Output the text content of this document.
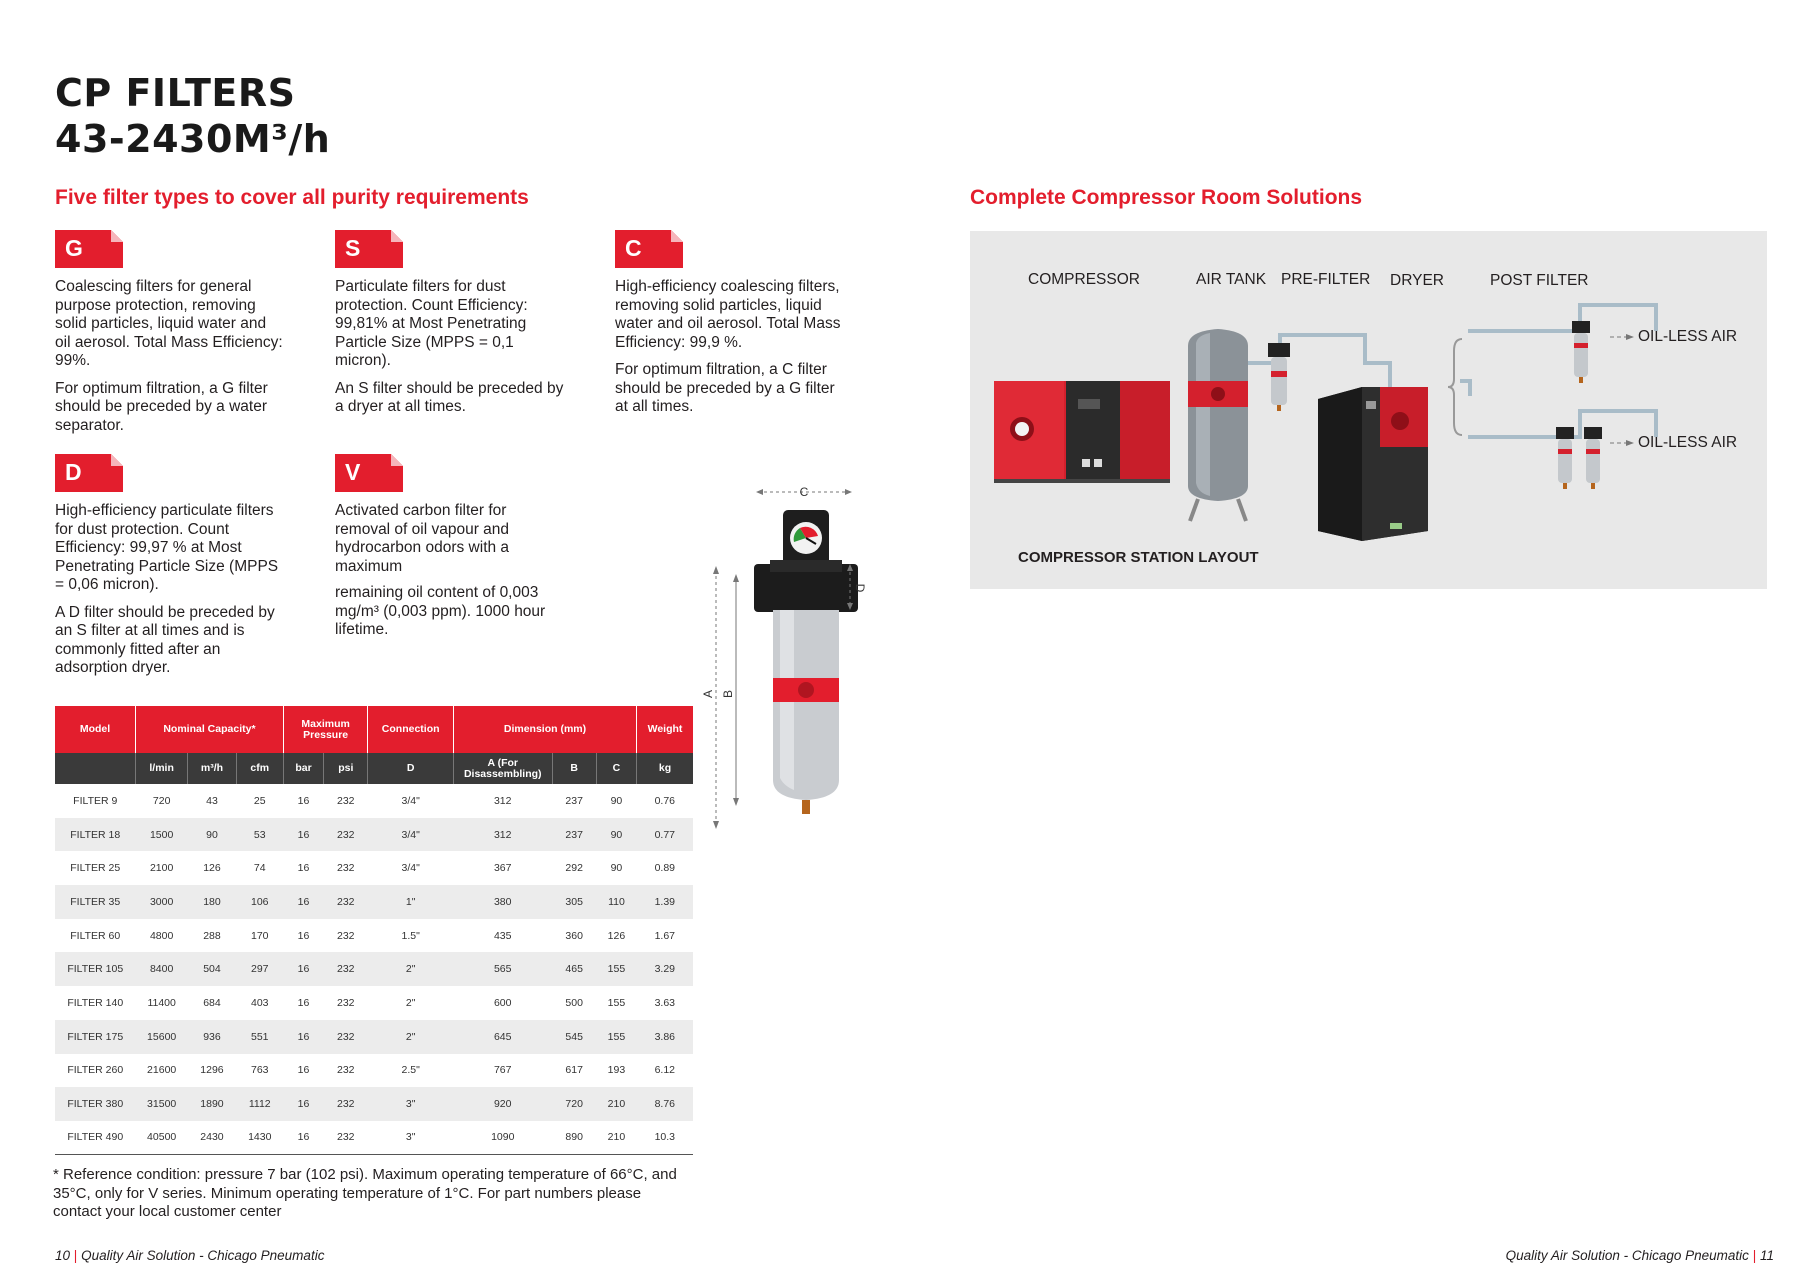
CP FILTERS
43-2430M³/h
Five filter types to cover all purity requirements	Complete Compressor Room Solutions
G

Coalescing filters for general purpose protection, removing solid particles, liquid water and oil aerosol. Total Mass Efficiency: 99%.

For optimum filtration, a G filter should be preceded by a water separator.

S

Particulate filters for dust protection. Count Efficiency: 99,81% at Most Penetrating Particle Size (MPPS = 0,1 micron).

An S filter should be preceded by a dryer at all times.

C

High-efficiency coalescing filters, removing solid particles, liquid water and oil aerosol. Total Mass Efficiency: 99,9 %.

For optimum filtration, a C filter should be preceded by a G filter at all times.

D

High-efficiency particulate filters for dust protection. Count Efficiency: 99,97 % at Most Penetrating Particle Size (MPPS = 0,06 micron).

A D filter should be preceded by an S filter at all times and is commonly fitted after an adsorption dryer.

V

Activated carbon filter for removal of oil vapour and hydrocarbon odors with a maximum

remaining oil content of 0,003 mg/m³ (0,003 ppm). 1000 hour lifetime.

C
A B
D
Model	Nominal Capacity*			Maximum Pressure		Connection	Dimension (mm)			Weight
	l/min	m³/h	cfm	bar	psi	D	A (For Disassembling)	B	C	kg
FILTER 9	720	43	25	16	232	3/4"	312	237	90	0.76
FILTER 18	1500	90	53	16	232	3/4"	312	237	90	0.77
FILTER 25	2100	126	74	16	232	3/4"	367	292	90	0.89
FILTER 35	3000	180	106	16	232	1"	380	305	110	1.39
FILTER 60	4800	288	170	16	232	1.5"	435	360	126	1.67
FILTER 105	8400	504	297	16	232	2"	565	465	155	3.29
FILTER 140	11400	684	403	16	232	2"	600	500	155	3.63
FILTER 175	15600	936	551	16	232	2"	645	545	155	3.86
FILTER 260	21600	1296	763	16	232	2.5"	767	617	193	6.12
FILTER 380	31500	1890	1112	16	232	3"	920	720	210	8.76
FILTER 490	40500	2430	1430	16	232	3"	1090	890	210	10.3
* Reference condition: pressure 7 bar (102 psi). Maximum operating temperature of 66°C, and 35°C, only for V series. Minimum operating temperature of 1°C. For part numbers please contact your local customer center
10 | Quality Air Solution - Chicago Pneumatic	Quality Air Solution - Chicago Pneumatic | 11
COMPRESSOR	AIR TANK PRE-FILTER DRYER	POST FILTER
OIL-LESS AIR
OIL-LESS AIR
COMPRESSOR STATION LAYOUT
